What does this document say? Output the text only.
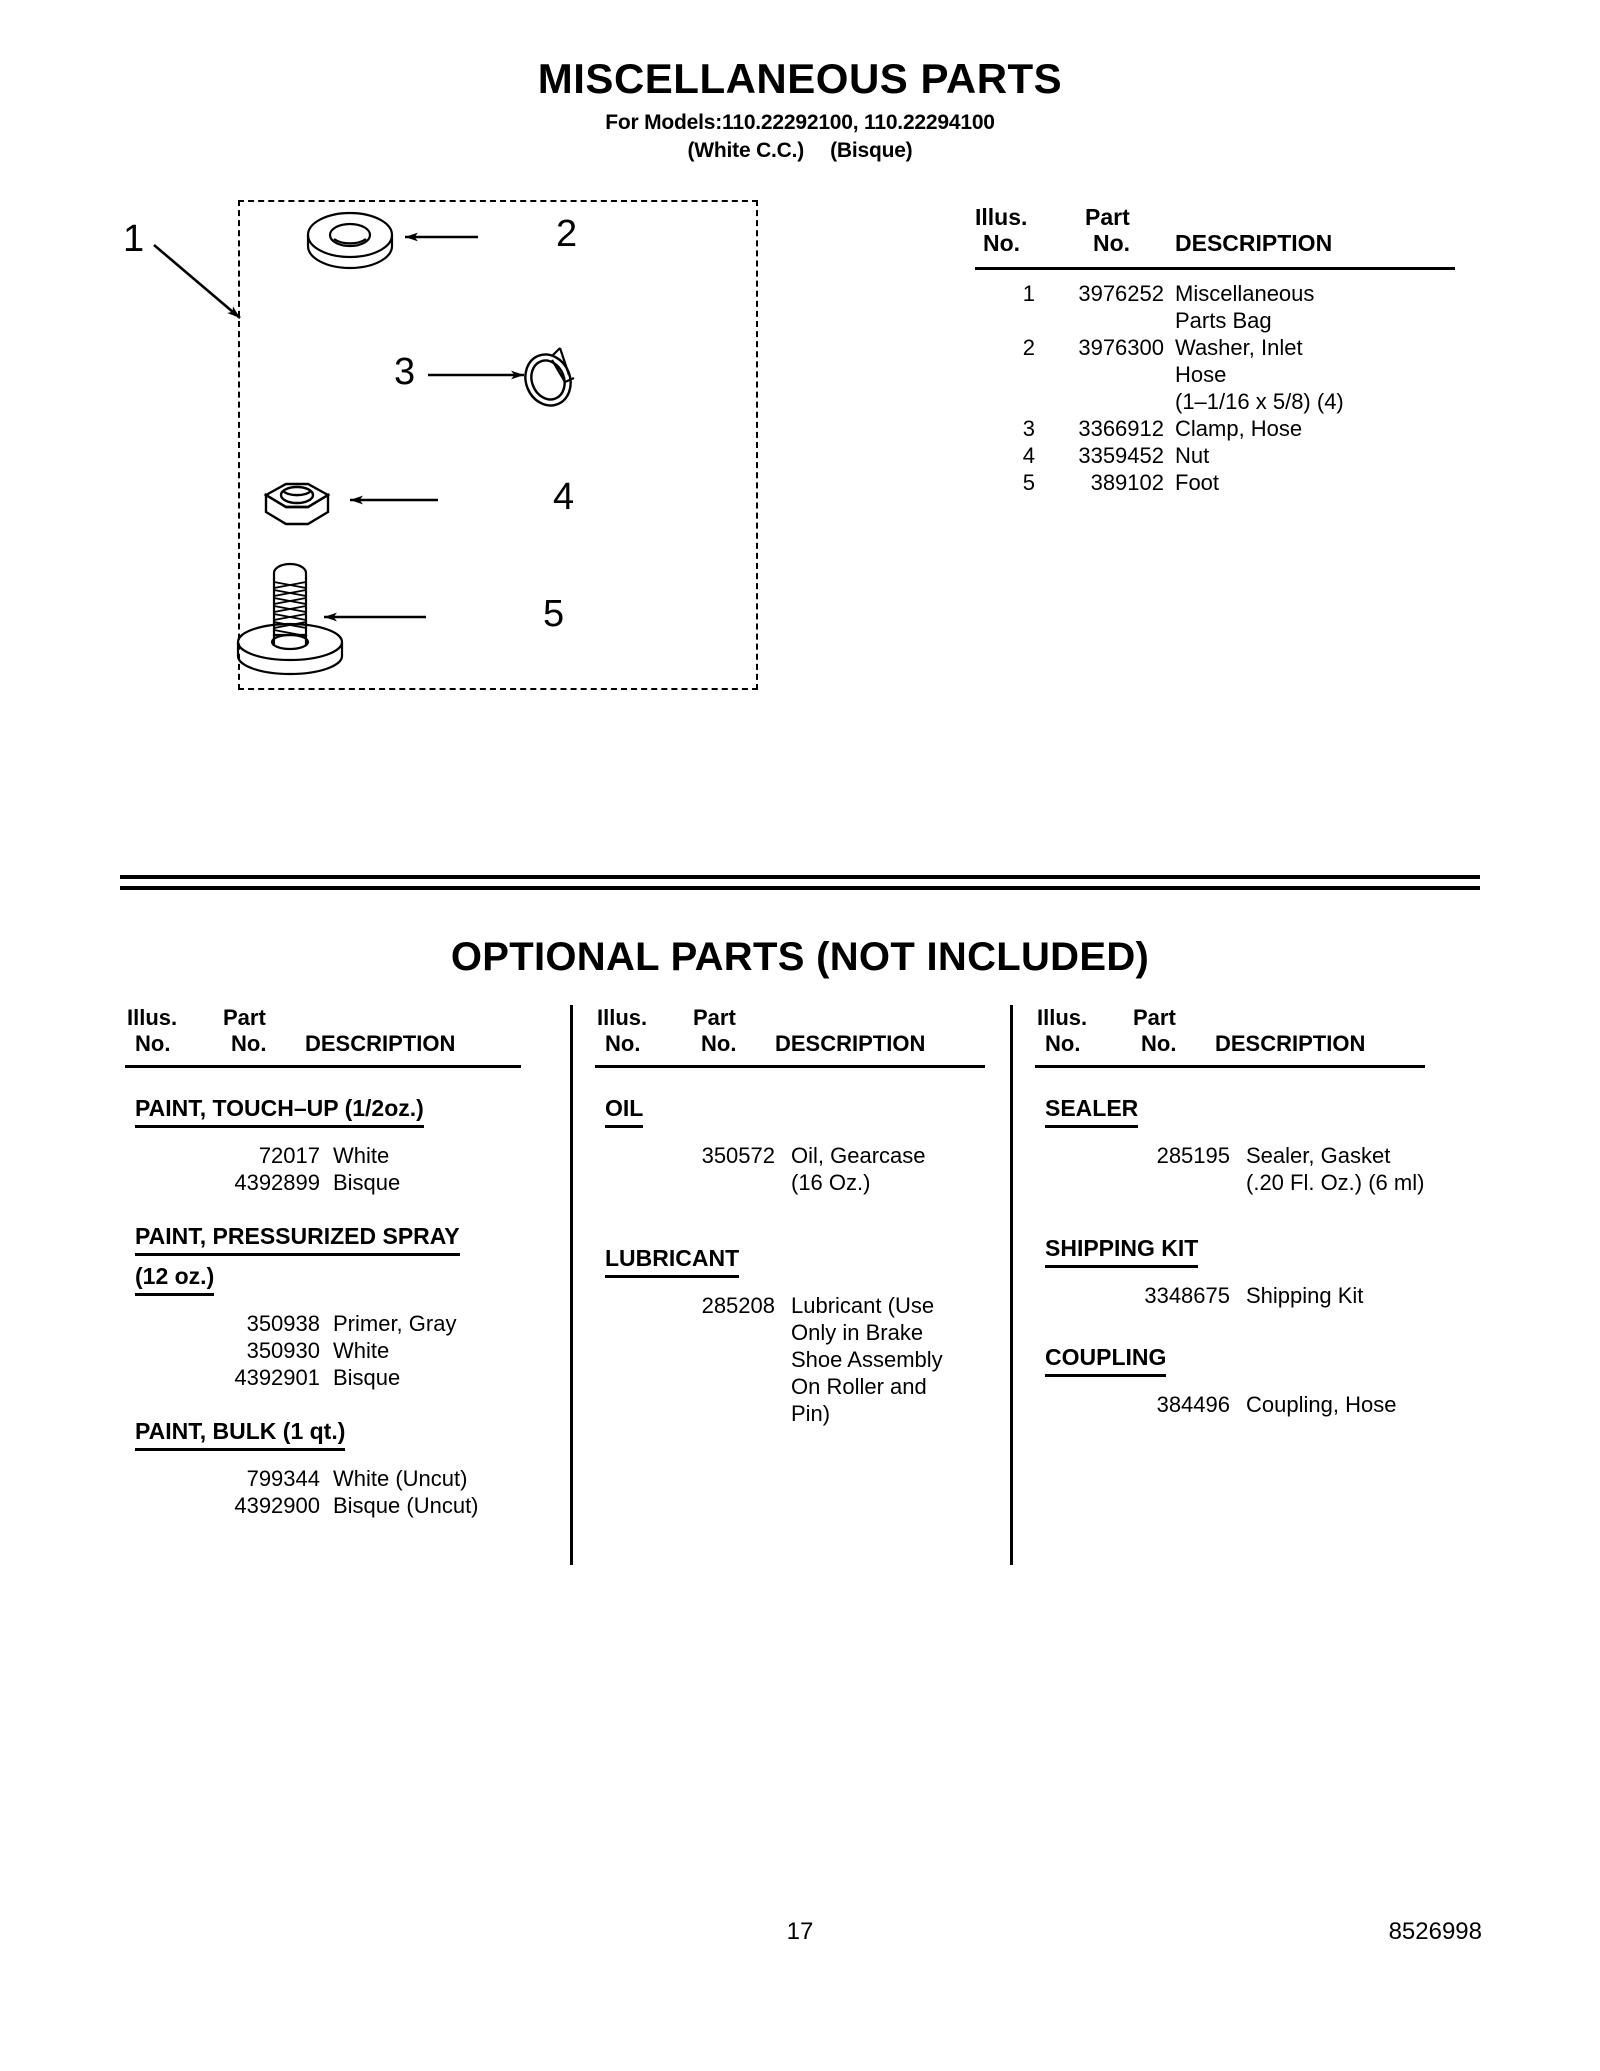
MISCELLANEOUS PARTS
For Models:110.22292100, 110.22294100
(White C.C.) (Bisque)
1	2
3
4
5
Illus.
No.
Part
No. DESCRIPTION
1	3976252 Miscellaneous
Parts Bag
2	3976300 Washer, Inlet
Hose
(1–1/16 x 5/8) (4)
3	3366912 Clamp, Hose
4	3359452 Nut
5	389102 Foot
OPTIONAL PARTS (NOT INCLUDED)
Illus.
No.
Part
No. DESCRIPTION
PAINT, TOUCH–UP (1/2oz.)
72017 White
4392899 Bisque
PAINT, PRESSURIZED SPRAY (12 oz.)
350938 Primer, Gray
350930 White
4392901 Bisque
PAINT, BULK (1 qt.)
799344 White (Uncut)
4392900 Bisque (Uncut)
Illus.
No.
Part
No. DESCRIPTION
OIL
350572 Oil, Gearcase
(16 Oz.)
LUBRICANT
285208 Lubricant (Use
Only in Brake
Shoe Assembly
On Roller and
Pin)
Illus.
No.
Part
No. DESCRIPTION
SEALER
285195 Sealer, Gasket
(.20 Fl. Oz.) (6 ml)
SHIPPING KIT
3348675 Shipping Kit
COUPLING
384496 Coupling, Hose
17	8526998
